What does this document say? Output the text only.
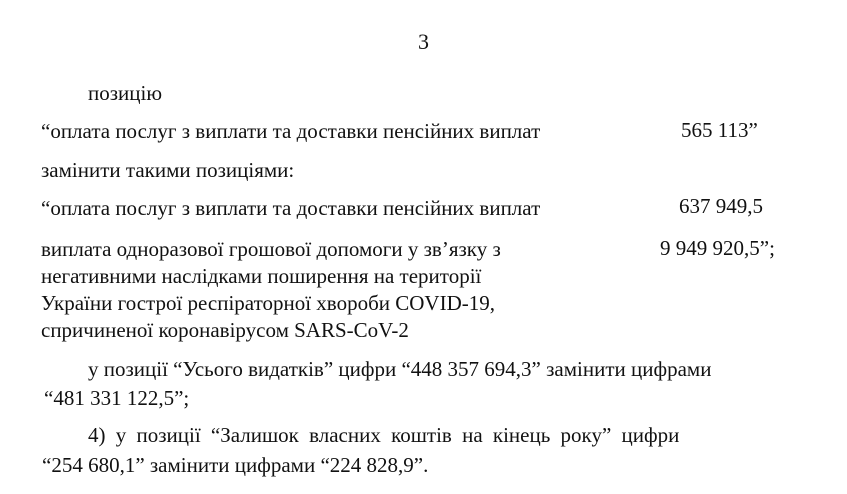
3
позицію
“оплата послуг з виплати та доставки пенсійних виплат	565 113”
замінити такими позиціями:
“оплата послуг з виплати та доставки пенсійних виплат	637 949,5
виплата одноразової грошової допомоги у зв’язку з
негативними наслідками поширення на території
України гострої респіраторної хвороби COVID-19,
спричиненої коронавірусом SARS-CoV-2
9 949 920,5”;
у позиції “Усього видатків” цифри “448 357 694,3” замінити цифрами
“481 331 122,5”;
4) у позиції “Залишок власних коштів на кінець року” цифри
“254 680,1” замінити цифрами “224 828,9”.
